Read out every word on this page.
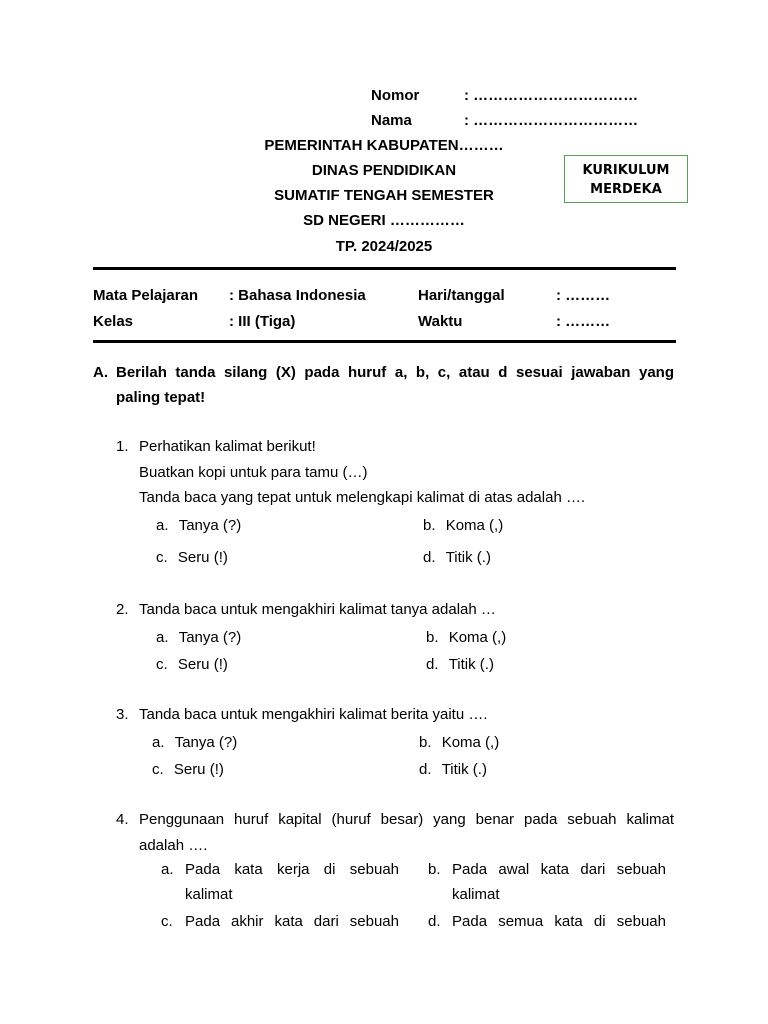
Nomor	: ……………………………
Nama	: ……………………………
PEMERINTAH KABUPATEN………
DINAS PENDIDIKAN
SUMATIF TENGAH SEMESTER
SD NEGERI ……………
TP. 2024/2025
KURIKULUM
MERDEKA
Mata Pelajaran : Bahasa Indonesia	Hari/tanggal	: ………
Kelas	: III (Tiga)	Waktu	: ………
A. Berilah tanda silang (X) pada huruf a, b, c, atau d sesuai jawaban yang
paling tepat!
1. Perhatikan kalimat berikut!
Buatkan kopi untuk para tamu (…)
Tanda baca yang tepat untuk melengkapi kalimat di atas adalah ….
a. Tanya (?)	b. Koma (,)
c. Seru (!)	d. Titik (.)
2. Tanda baca untuk mengakhiri kalimat tanya adalah …
a. Tanya (?)	b. Koma (,)
c. Seru (!)	d. Titik (.)
3. Tanda baca untuk mengakhiri kalimat berita yaitu ….
a. Tanya (?)	b. Koma (,)
c. Seru (!)	d. Titik (.)
4. Penggunaan huruf kapital (huruf besar) yang benar pada sebuah kalimat
adalah ….
a. Pada kata kerja di sebuah
kalimat
b. Pada awal kata dari sebuah
kalimat
c. Pada akhir kata dari sebuah d. Pada semua kata di sebuah
